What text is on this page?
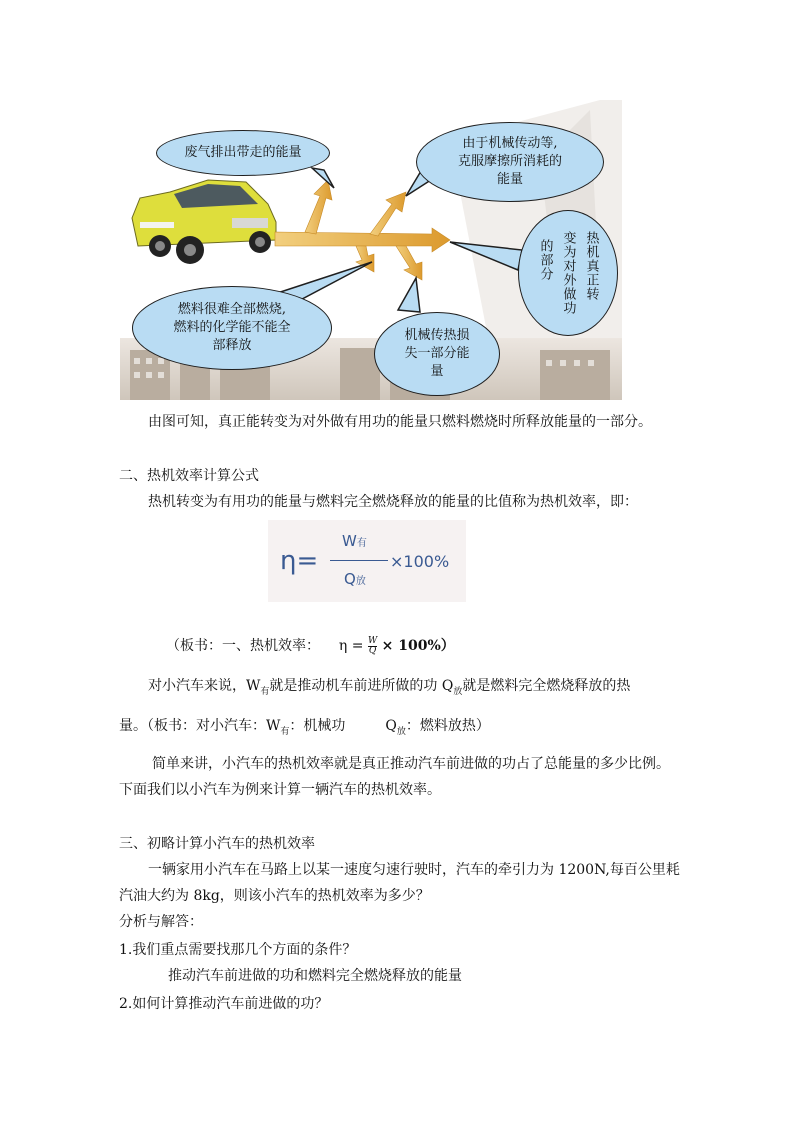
废气排出带走的能量
由于机械传动等,
克服摩擦所消耗的
能量
热机真正转
变为对外做功
的部分
燃料很难全部燃烧,
燃料的化学能不能全
部释放
机械传热损
失一部分能
量
由图可知，真正能转变为对外做有用功的能量只燃料燃烧时所释放能量的一部分。
二、热机效率计算公式
热机转变为有用功的能量与燃料完全燃烧释放的能量的比值称为热机效率，即：
η=
W有
Q放
×100%
（板书：一、热机效率： $\eta = \frac{W}{Q} \times 100\%$）
对小汽车来说，$W_有$就是推动机车前进所做的功 $Q_放$就是燃料完全燃烧释放的热
量。（板书：对小汽车：$W_有$：机械功	$Q_放$：燃料放热）
简单来讲，小汽车的热机效率就是真正推动汽车前进做的功占了总能量的多少比例。
下面我们以小汽车为例来计算一辆汽车的热机效率。
三、初略计算小汽车的热机效率
一辆家用小汽车在马路上以某一速度匀速行驶时，汽车的牵引力为 1200N,每百公里耗
汽油大约为 8kg，则该小汽车的热机效率为多少？
分析与解答：
1.我们重点需要找那几个方面的条件？
推动汽车前进做的功和燃料完全燃烧释放的能量
2.如何计算推动汽车前进做的功？
